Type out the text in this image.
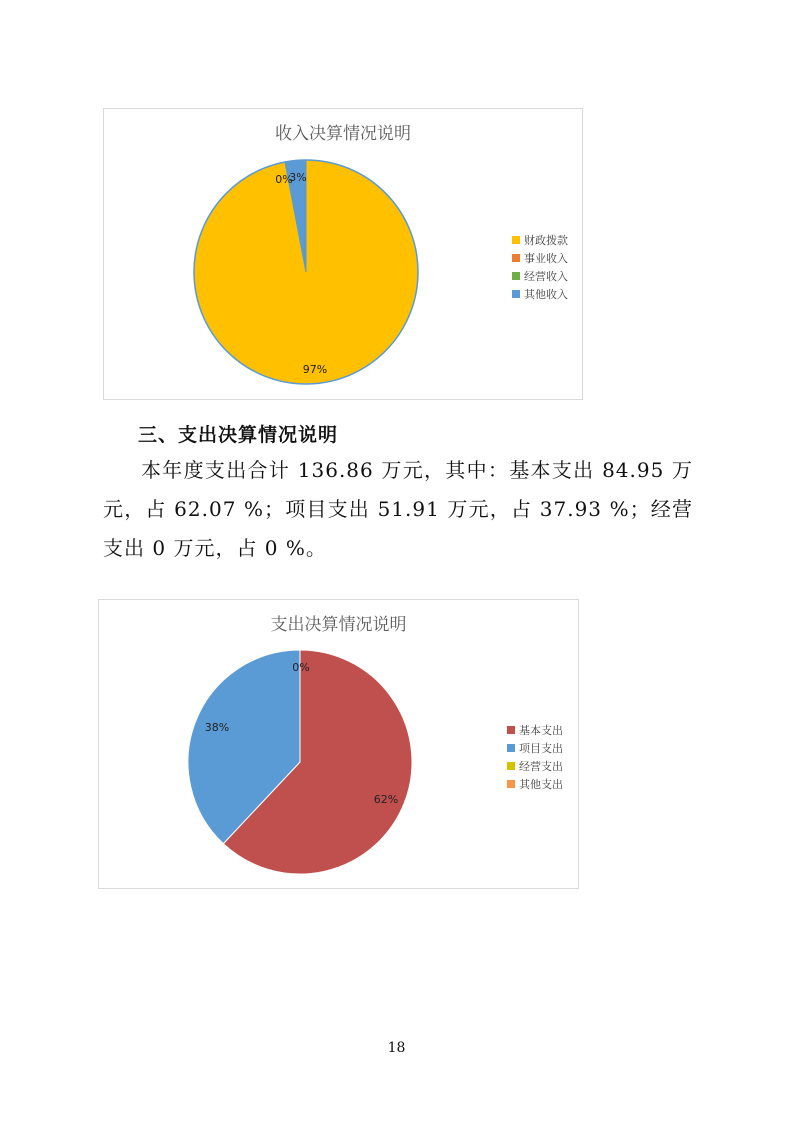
收入决算情况说明
97%
0%
3%
财政拨款
事业收入
经营收入
其他收入
三、支出决算情况说明
本年度支出合计 136.86 万元，其中：基本支出 84.95 万元，占 62.07 %；项目支出 51.91 万元，占 37.93 %；经营支出 0 万元，占 0 %。
支出决算情况说明
62%
38%
0%
基本支出
项目支出
经营支出
其他支出
18
